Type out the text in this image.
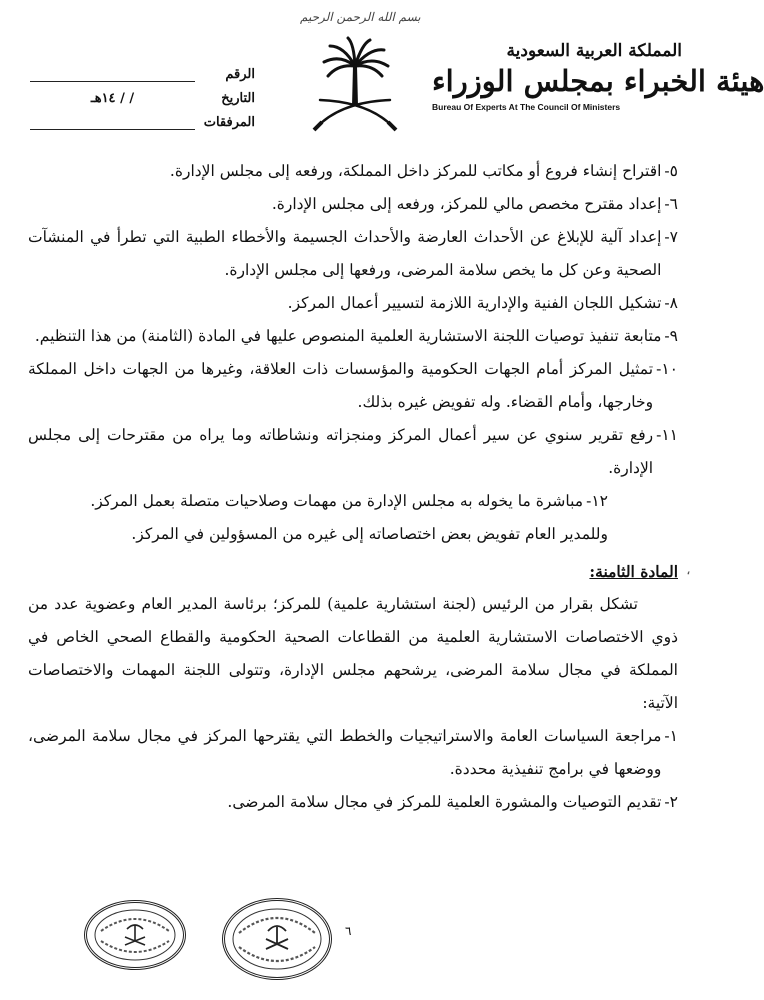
بسم الله الرحمن الرحيم
المملكة العربية السعودية
هيئة الخبراء بمجلس الوزراء
Bureau Of Experts At The Council Of Ministers
الرقم
التاريخ
/ / ١٤هـ
المرفقات
٥-
اقتراح إنشاء فروع أو مكاتب للمركز داخل المملكة، ورفعه إلى مجلس الإدارة.
٦-
إعداد مقترح مخصص مالي للمركز، ورفعه إلى مجلس الإدارة.
٧-
إعداد آلية للإبلاغ عن الأحداث العارضة والأحداث الجسيمة والأخطاء الطبية التي تطرأ في المنشآت الصحية وعن كل ما يخص سلامة المرضى، ورفعها إلى مجلس الإدارة.
٨-
تشكيل اللجان الفنية والإدارية اللازمة لتسيير أعمال المركز.
٩-
متابعة تنفيذ توصيات اللجنة الاستشارية العلمية المنصوص عليها في المادة (الثامنة) من هذا التنظيم.
١٠-
تمثيل المركز أمام الجهات الحكومية والمؤسسات ذات العلاقة، وغيرها من الجهات داخل المملكة وخارجها، وأمام القضاء. وله تفويض غيره بذلك.
١١-
رفع تقرير سنوي عن سير أعمال المركز ومنجزاته ونشاطاته وما يراه من مقترحات إلى مجلس الإدارة.
١٢-
مباشرة ما يخوله به مجلس الإدارة من مهمات وصلاحيات متصلة بعمل المركز.
وللمدير العام تفويض بعض اختصاصاته إلى غيره من المسؤولين في المركز.
،
المادة الثامنة:
تشكل بقرار من الرئيس (لجنة استشارية علمية) للمركز؛ برئاسة المدير العام وعضوية عدد من ذوي الاختصاصات الاستشارية العلمية من القطاعات الصحية الحكومية والقطاع الصحي الخاص في المملكة في مجال سلامة المرضى، يرشحهم مجلس الإدارة، وتتولى اللجنة المهمات والاختصاصات الآتية:
١-
مراجعة السياسات العامة والاستراتيجيات والخطط التي يقترحها المركز في مجال سلامة المرضى، ووضعها في برامج تنفيذية محددة.
٢-
تقديم التوصيات والمشورة العلمية للمركز في مجال سلامة المرضى.
٦
